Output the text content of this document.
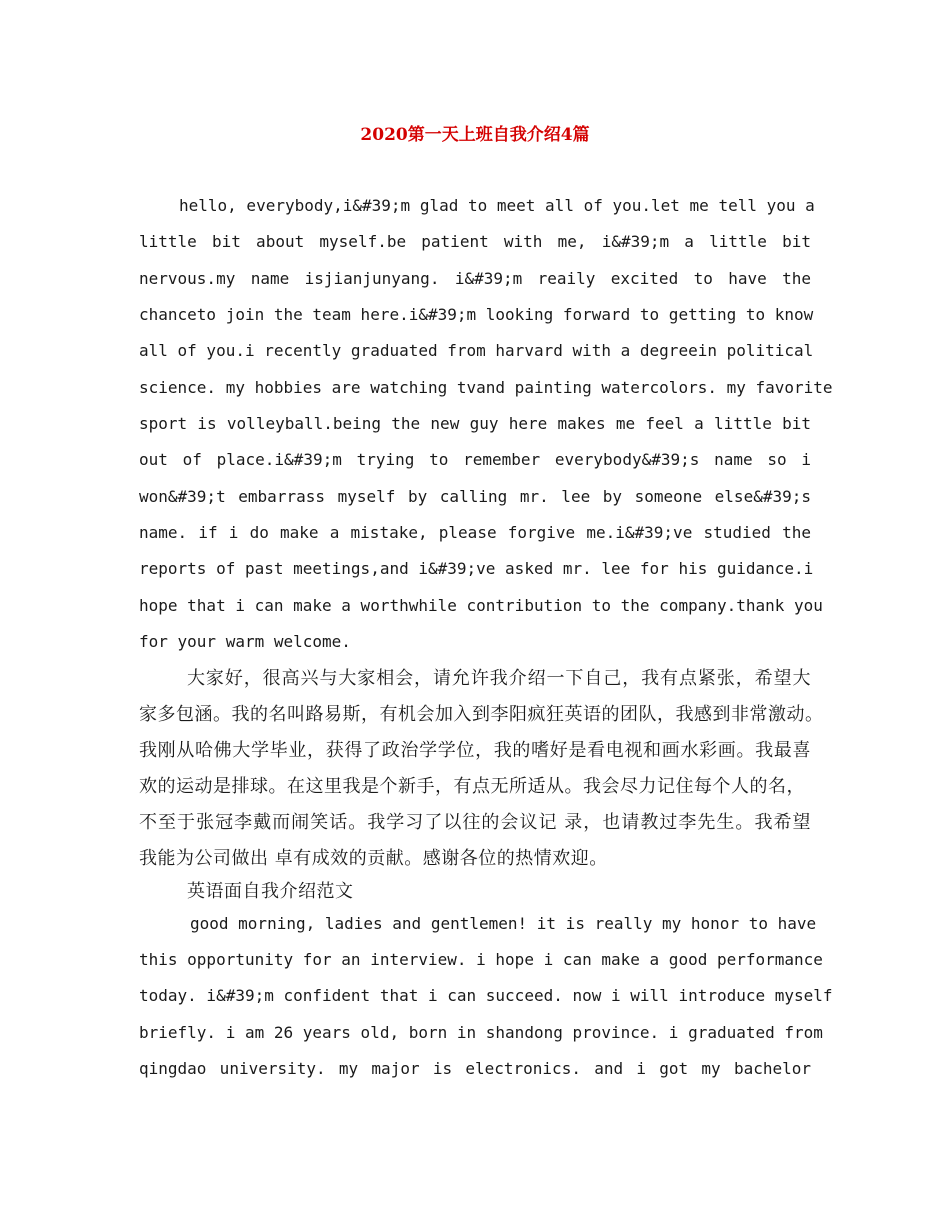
2020第一天上班自我介绍4篇

hello, everybody,i&#39;m glad to meet all of you.let me tell you a

little bit about myself.be patient with me, i&#39;m a little bit

nervous.my name isjianjunyang. i&#39;m reaily excited to have the

chanceto join the team here.i&#39;m looking forward to getting to know

all of you.i recently graduated from harvard with a degreein political

science. my hobbies are watching tvand painting watercolors. my favorite

sport is volleyball.being the new guy here makes me feel a little bit

out of place.i&#39;m trying to remember everybody&#39;s name so i

won&#39;t embarrass myself by calling mr. lee by someone else&#39;s

name. if i do make a mistake, please forgive me.i&#39;ve studied the

reports of past meetings,and i&#39;ve asked mr. lee for his guidance.i

hope that i can make a worthwhile contribution to the company.thank you

for your warm welcome.

大家好，很高兴与大家相会，请允许我介绍一下自己，我有点紧张，希望大

家多包涵。我的名叫路易斯，有机会加入到李阳疯狂英语的团队，我感到非常激动。

我刚从哈佛大学毕业，获得了政治学学位，我的嗜好是看电视和画水彩画。我最喜

欢的运动是排球。在这里我是个新手，有点无所适从。我会尽力记住每个人的名，

不至于张冠李戴而闹笑话。我学习了以往的会议记 录，也请教过李先生。我希望

我能为公司做出 卓有成效的贡献。感谢各位的热情欢迎。

英语面自我介绍范文

good morning, ladies and gentlemen! it is really my honor to have

this opportunity for an interview. i hope i can make a good performance

today. i&#39;m confident that i can succeed. now i will introduce myself

briefly. i am 26 years old, born in shandong province. i graduated from

qingdao university. my major is electronics. and i got my bachelor
